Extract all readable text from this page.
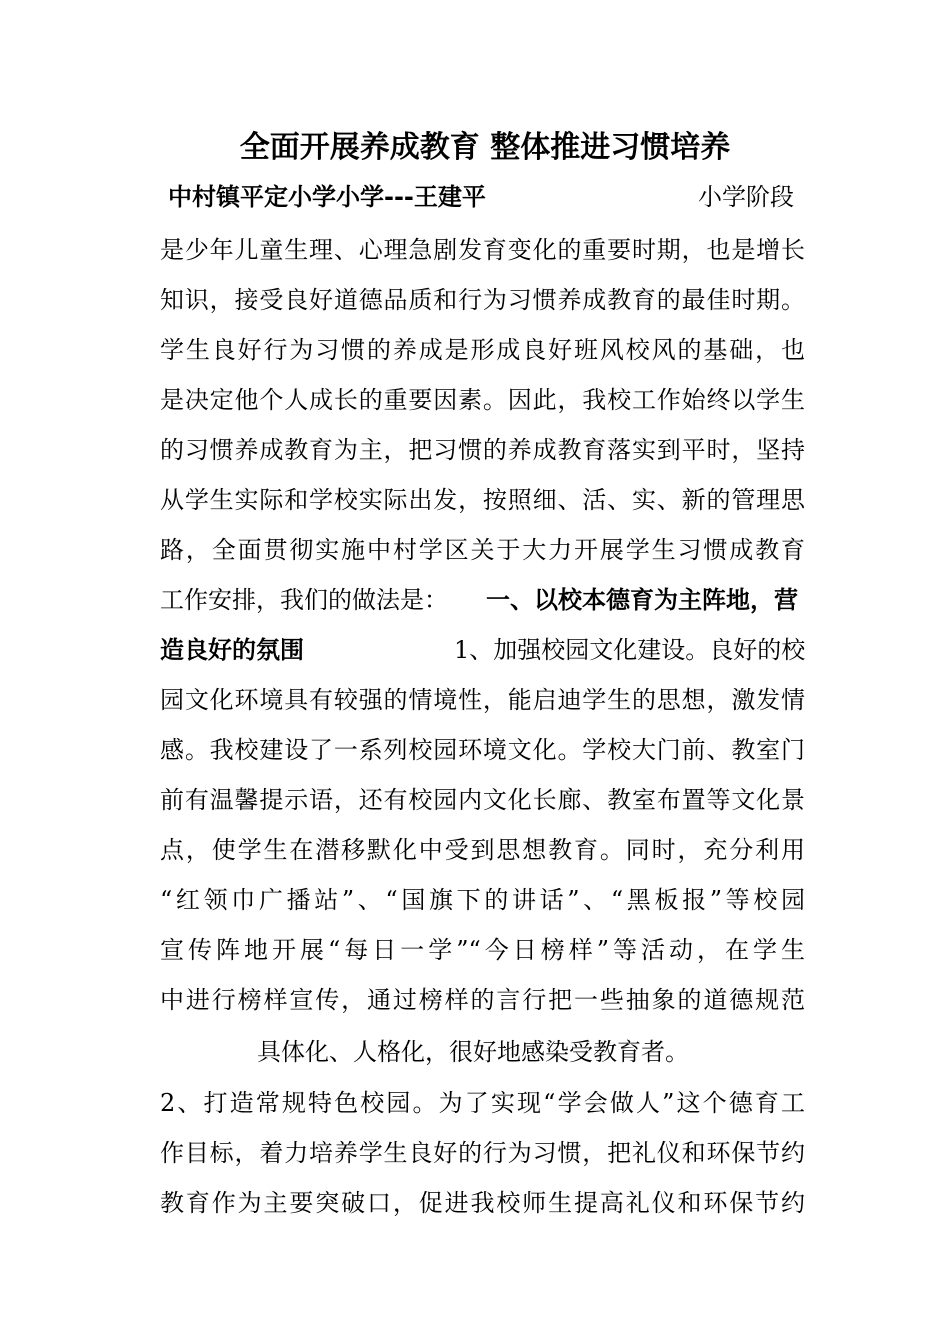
全面开展养成教育 整体推进习惯培养
中村镇平定小学小学---王建平	小学阶段
是少年儿童生理、心理急剧发育变化的重要时期，也是增长
知识，接受良好道德品质和行为习惯养成教育的最佳时期。
学生良好行为习惯的养成是形成良好班风校风的基础，也
是决定他个人成长的重要因素。因此，我校工作始终以学生
的习惯养成教育为主，把习惯的养成教育落实到平时，坚持
从学生实际和学校实际出发，按照细、活、实、新的管理思
路，全面贯彻实施中村学区关于大力开展学生习惯成教育
工作安排，我们的做法是： 一、以校本德育为主阵地，营
造良好的氛围	1、加强校园文化建设。良好的校
园文化环境具有较强的情境性，能启迪学生的思想，激发情
感。我校建设了一系列校园环境文化。学校大门前、教室门
前有温馨提示语，还有校园内文化长廊、教室布置等文化景
点，使学生在潜移默化中受到思想教育。同时，充分利用
“红领巾广播站”、“国旗下的讲话”、“黑板报”等校园
宣传阵地开展“每日一学”“今日榜样”等活动，在学生
中进行榜样宣传，通过榜样的言行把一些抽象的道德规范
具体化、人格化，很好地感染受教育者。
2、打造常规特色校园。为了实现“学会做人”这个德育工
作目标，着力培养学生良好的行为习惯，把礼仪和环保节约
教育作为主要突破口，促进我校师生提高礼仪和环保节约
